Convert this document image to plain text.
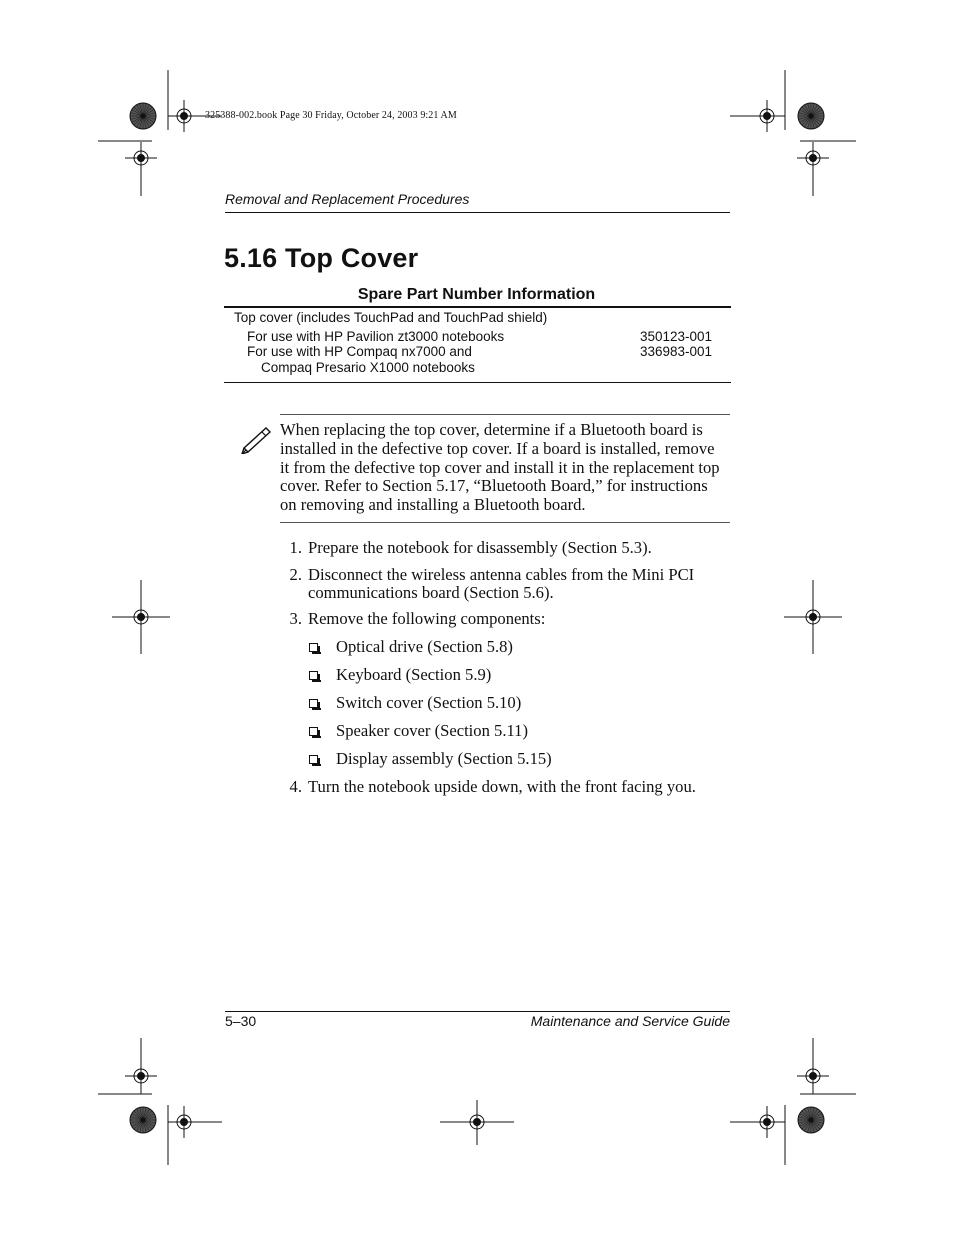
325388-002.book Page 30 Friday, October 24, 2003 9:21 AM
Removal and Replacement Procedures
5.16 Top Cover
Spare Part Number Information
Top cover (includes TouchPad and TouchPad shield)
For use with HP Pavilion zt3000 notebooks	350123-001
For use with HP Compaq nx7000 and	336983-001
Compaq Presario X1000 notebooks
When replacing the top cover, determine if a Bluetooth board is
installed in the defective top cover. If a board is installed, remove
it from the defective top cover and install it in the replacement top
cover. Refer to Section 5.17, “Bluetooth Board,” for instructions
on removing and installing a Bluetooth board.
1. Prepare the notebook for disassembly (Section 5.3).
2. Disconnect the wireless antenna cables from the Mini PCI
communications board (Section 5.6).
3. Remove the following components:
Optical drive (Section 5.8)
Keyboard (Section 5.9)
Switch cover (Section 5.10)
Speaker cover (Section 5.11)
Display assembly (Section 5.15)
4. Turn the notebook upside down, with the front facing you.
5–30	Maintenance and Service Guide
